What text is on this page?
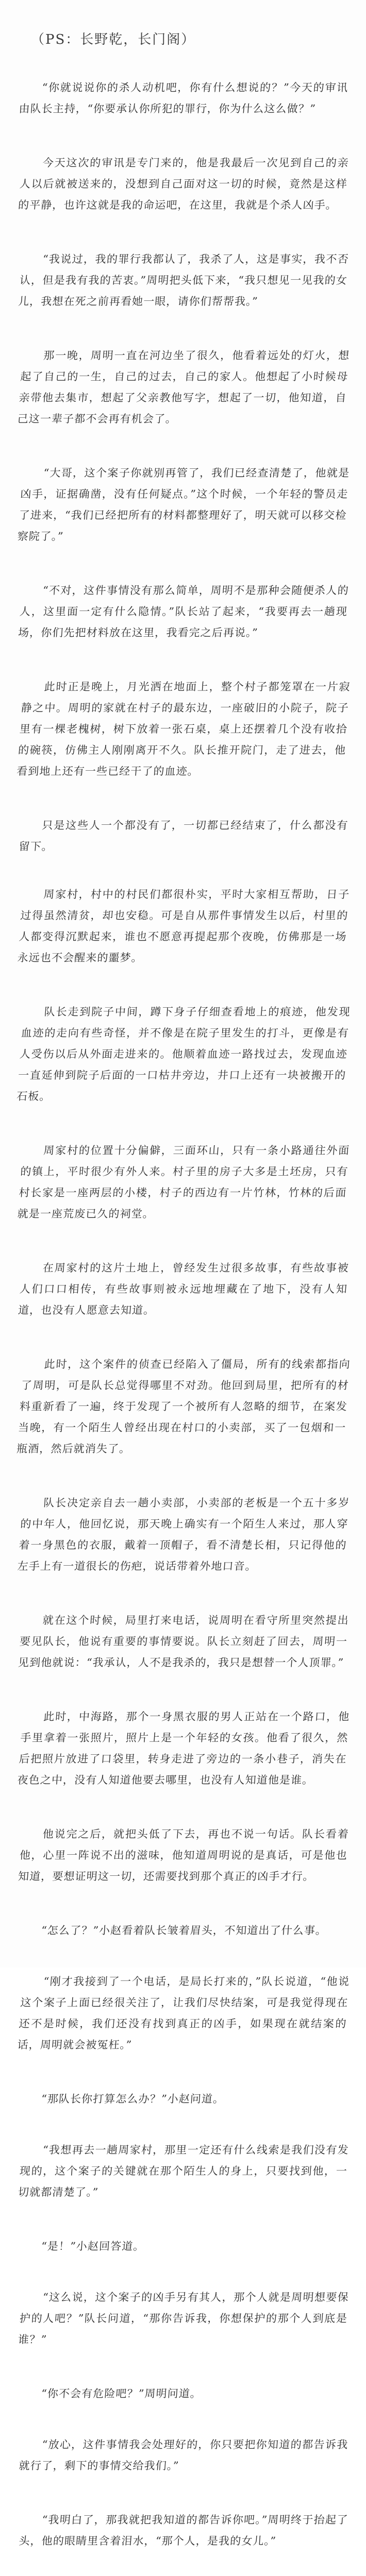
（PS：长野乾，长门阁）

“你就说说你的杀人动机吧，你有什么想说的？”今天的审讯由队长主持，“你要承认你所犯的罪行，你为什么这么做？”

今天这次的审讯是专门来的，他是我最后一次见到自己的亲人以后就被送来的，没想到自己面对这一切的时候，竟然是这样的平静，也许这就是我的命运吧，在这里，我就是个杀人凶手。

“我说过，我的罪行我都认了，我杀了人，这是事实，我不否认，但是我有我的苦衷。”周明把头低下来，“我只想见一见我的女儿，我想在死之前再看她一眼，请你们帮帮我。”

那一晚，周明一直在河边坐了很久，他看着远处的灯火，想起了自己的一生，自己的过去，自己的家人。他想起了小时候母亲带他去集市，想起了父亲教他写字，想起了一切，他知道，自己这一辈子都不会再有机会了。

“大哥，这个案子你就别再管了，我们已经查清楚了，他就是凶手，证据确凿，没有任何疑点。”这个时候，一个年轻的警员走了进来，“我们已经把所有的材料都整理好了，明天就可以移交检察院了。”

“不对，这件事情没有那么简单，周明不是那种会随便杀人的人，这里面一定有什么隐情。”队长站了起来，“我要再去一趟现场，你们先把材料放在这里，我看完之后再说。”

此时正是晚上，月光洒在地面上，整个村子都笼罩在一片寂静之中。周明的家就在村子的最东边，一座破旧的小院子，院子里有一棵老槐树，树下放着一张石桌，桌上还摆着几个没有收拾的碗筷，仿佛主人刚刚离开不久。队长推开院门，走了进去，他看到地上还有一些已经干了的血迹。

只是这些人一个都没有了，一切都已经结束了，什么都没有留下。

周家村，村中的村民们都很朴实，平时大家相互帮助，日子过得虽然清贫，却也安稳。可是自从那件事情发生以后，村里的人都变得沉默起来，谁也不愿意再提起那个夜晚，仿佛那是一场永远也不会醒来的噩梦。

队长走到院子中间，蹲下身子仔细查看地上的痕迹，他发现血迹的走向有些奇怪，并不像是在院子里发生的打斗，更像是有人受伤以后从外面走进来的。他顺着血迹一路找过去，发现血迹一直延伸到院子后面的一口枯井旁边，井口上还有一块被搬开的石板。

周家村的位置十分偏僻，三面环山，只有一条小路通往外面的镇上，平时很少有外人来。村子里的房子大多是土坯房，只有村长家是一座两层的小楼，村子的西边有一片竹林，竹林的后面就是一座荒废已久的祠堂。

在周家村的这片土地上，曾经发生过很多故事，有些故事被人们口口相传，有些故事则被永远地埋藏在了地下，没有人知道，也没有人愿意去知道。

此时，这个案件的侦查已经陷入了僵局，所有的线索都指向了周明，可是队长总觉得哪里不对劲。他回到局里，把所有的材料重新看了一遍，终于发现了一个被所有人忽略的细节，在案发当晚，有一个陌生人曾经出现在村口的小卖部，买了一包烟和一瓶酒，然后就消失了。

队长决定亲自去一趟小卖部，小卖部的老板是一个五十多岁的中年人，他回忆说，那天晚上确实有一个陌生人来过，那人穿着一身黑色的衣服，戴着一顶帽子，看不清楚长相，只记得他的左手上有一道很长的伤疤，说话带着外地口音。

就在这个时候，局里打来电话，说周明在看守所里突然提出要见队长，他说有重要的事情要说。队长立刻赶了回去，周明一见到他就说：“我承认，人不是我杀的，我只是想替一个人顶罪。”

此时，中海路，那个一身黑衣服的男人正站在一个路口，他手里拿着一张照片，照片上是一个年轻的女孩。他看了很久，然后把照片放进了口袋里，转身走进了旁边的一条小巷子，消失在夜色之中，没有人知道他要去哪里，也没有人知道他是谁。

他说完之后，就把头低了下去，再也不说一句话。队长看着他，心里一阵说不出的滋味，他知道周明说的是真话，可是他也知道，要想证明这一切，还需要找到那个真正的凶手才行。

“怎么了？”小赵看着队长皱着眉头，不知道出了什么事。

“刚才我接到了一个电话，是局长打来的，”队长说道，“他说这个案子上面已经很关注了，让我们尽快结案，可是我觉得现在还不是时候，我们还没有找到真正的凶手，如果现在就结案的话，周明就会被冤枉。”

“那队长你打算怎么办？”小赵问道。

“我想再去一趟周家村，那里一定还有什么线索是我们没有发现的，这个案子的关键就在那个陌生人的身上，只要找到他，一切就都清楚了。”

“是！”小赵回答道。

“这么说，这个案子的凶手另有其人，那个人就是周明想要保护的人吧？”队长问道，“那你告诉我，你想保护的那个人到底是谁？”

“你不会有危险吧？”周明问道。

“放心，这件事情我会处理好的，你只要把你知道的都告诉我就行了，剩下的事情交给我们。”

“我明白了，那我就把我知道的都告诉你吧。”周明终于抬起了头，他的眼睛里含着泪水，“那个人，是我的女儿。”
